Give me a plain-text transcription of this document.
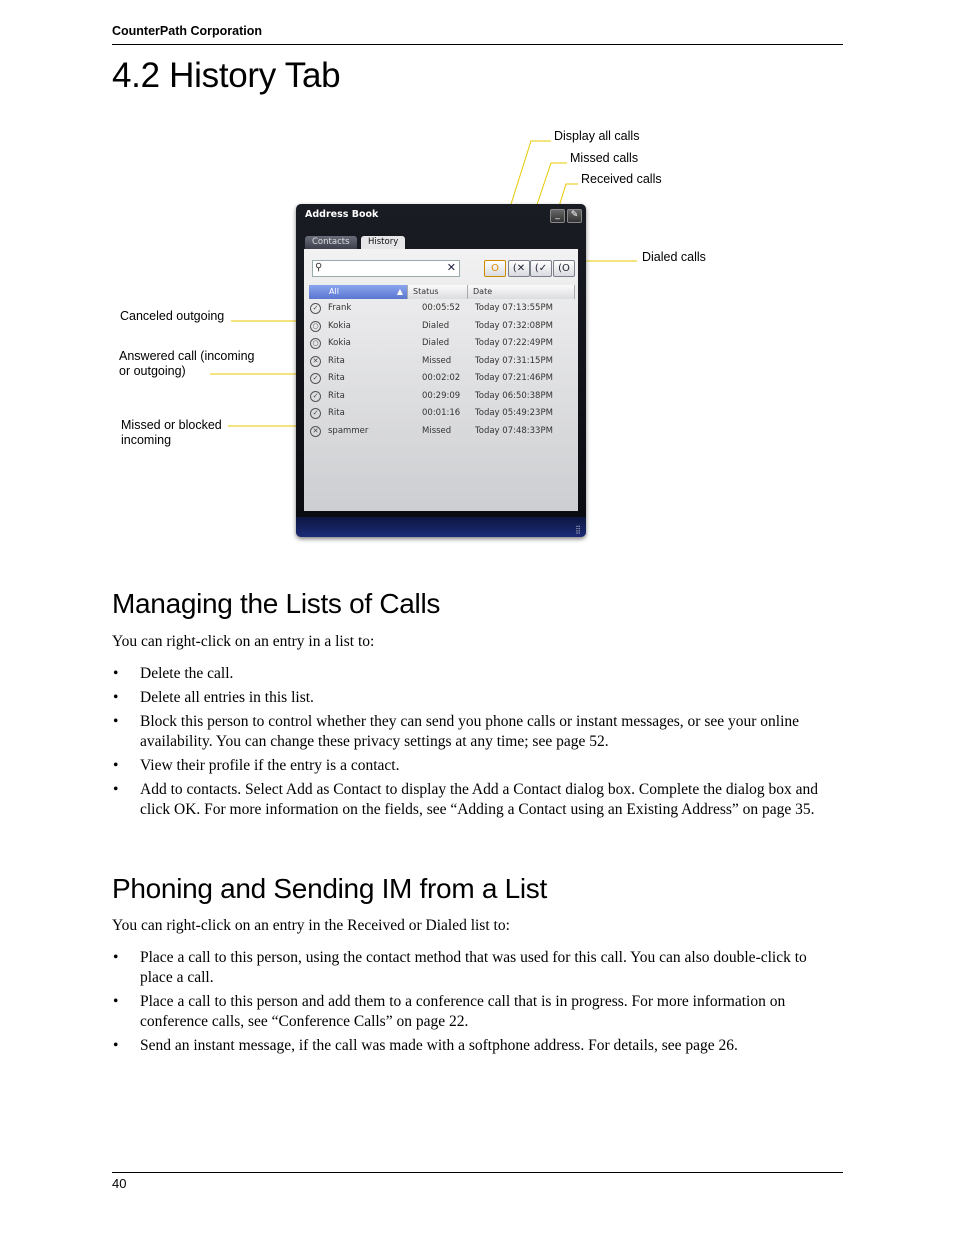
CounterPath Corporation
4.2 History Tab
Display all calls
Missed calls
Received calls
Dialed calls
Canceled outgoing
Answered call (incoming
or outgoing)
Missed or blocked
incoming
Address Book	_	✎
Contacts	History
⚲	✕	O	(✕ (✓	(O
All	▲	Status	Date
✓	Frank	00:05:52 Today 07:13:55PM
○ Kokia	Dialed	Today 07:32:08PM
○ Kokia	Dialed	Today 07:22:49PM
✕	Rita	Missed	Today 07:31:15PM
✓	Rita	00:02:02 Today 07:21:46PM
✓	Rita	00:29:09 Today 06:50:38PM
✓	Rita	00:01:16 Today 05:49:23PM
✕	spammer	Missed	Today 07:48:33PM
⣿
Managing the Lists of Calls

You can right-click on an entry in a list to:

• Delete the call.
• Delete all entries in this list.
• Block this person to control whether they can send you phone calls or instant messages, or see your online availability. You can change these privacy settings at any time; see page 52.
• View their profile if the entry is a contact.
• Add to contacts. Select Add as Contact to display the Add a Contact dialog box. Complete the dialog box and click OK. For more information on the fields, see “Adding a Contact using an Existing Address” on page 35.
Phoning and Sending IM from a List

You can right-click on an entry in the Received or Dialed list to:

• Place a call to this person, using the contact method that was used for this call. You can also double-click to place a call.
• Place a call to this person and add them to a conference call that is in progress. For more information on conference calls, see “Conference Calls” on page 22.
• Send an instant message, if the call was made with a softphone address. For details, see page 26.
40
